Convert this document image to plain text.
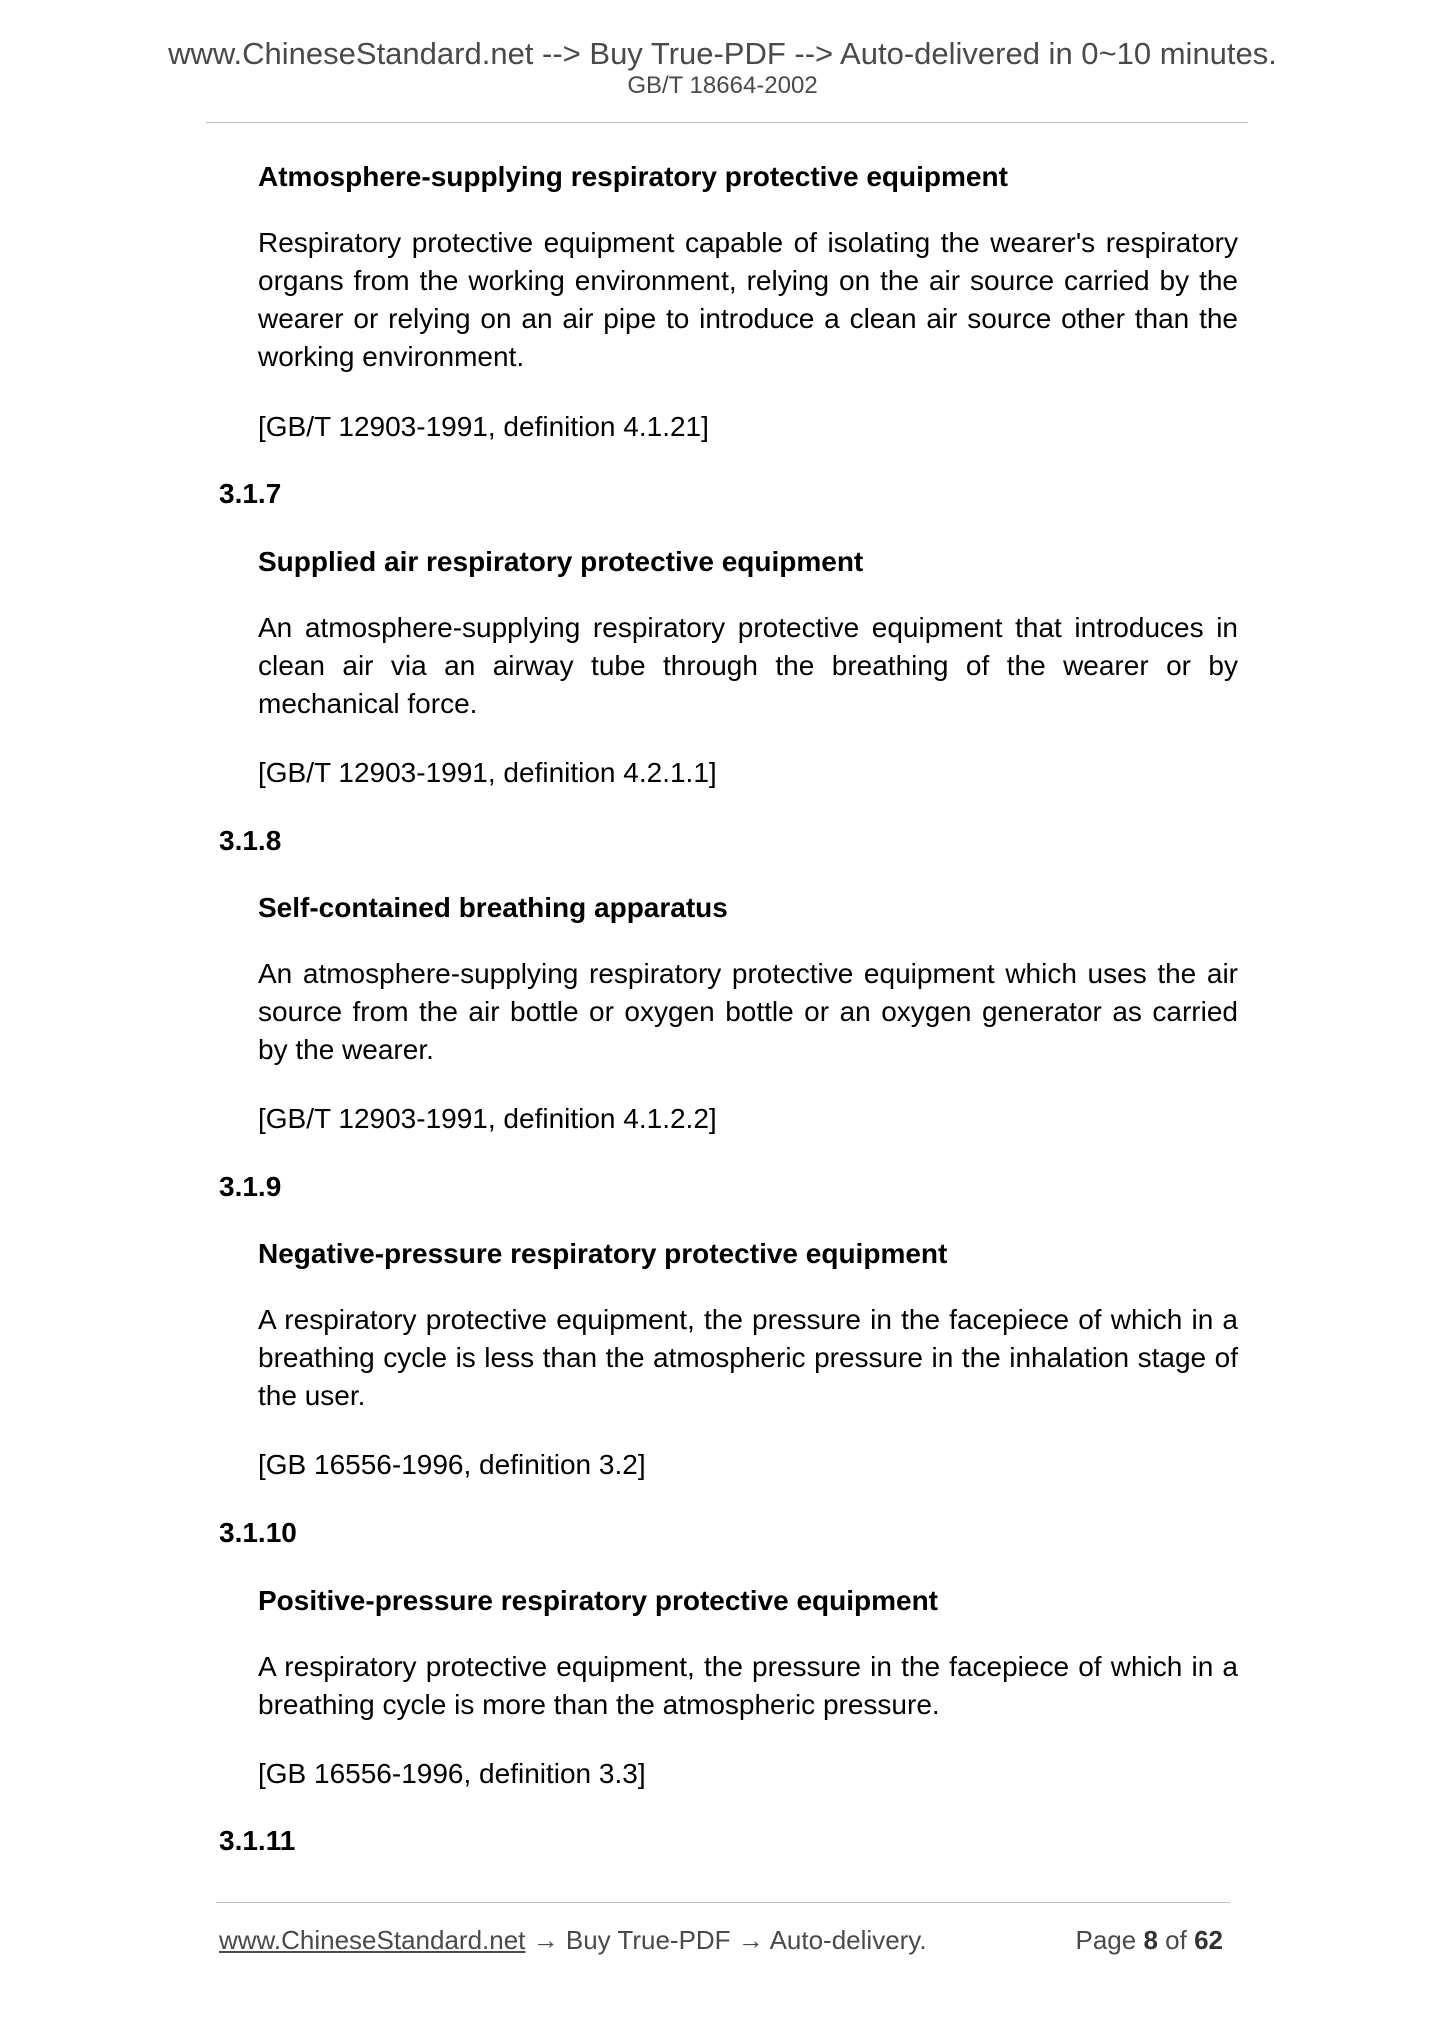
www.ChineseStandard.net --> Buy True-PDF --> Auto-delivered in 0~10 minutes.
GB/T 18664-2002
Atmosphere-supplying respiratory protective equipment
Respiratory protective equipment capable of isolating the wearer's respiratory organs from the working environment, relying on the air source carried by the wearer or relying on an air pipe to introduce a clean air source other than the working environment.
[GB/T 12903-1991, definition 4.1.21]
3.1.7
Supplied air respiratory protective equipment
An atmosphere-supplying respiratory protective equipment that introduces in clean air via an airway tube through the breathing of the wearer or by mechanical force.
[GB/T 12903-1991, definition 4.2.1.1]
3.1.8
Self-contained breathing apparatus
An atmosphere-supplying respiratory protective equipment which uses the air source from the air bottle or oxygen bottle or an oxygen generator as carried by the wearer.
[GB/T 12903-1991, definition 4.1.2.2]
3.1.9
Negative-pressure respiratory protective equipment
A respiratory protective equipment, the pressure in the facepiece of which in a breathing cycle is less than the atmospheric pressure in the inhalation stage of the user.
[GB 16556-1996, definition 3.2]
3.1.10
Positive-pressure respiratory protective equipment
A respiratory protective equipment, the pressure in the facepiece of which in a breathing cycle is more than the atmospheric pressure.
[GB 16556-1996, definition 3.3]
3.1.11
www.ChineseStandard.net → Buy True-PDF → Auto-delivery.	Page 8 of 62
